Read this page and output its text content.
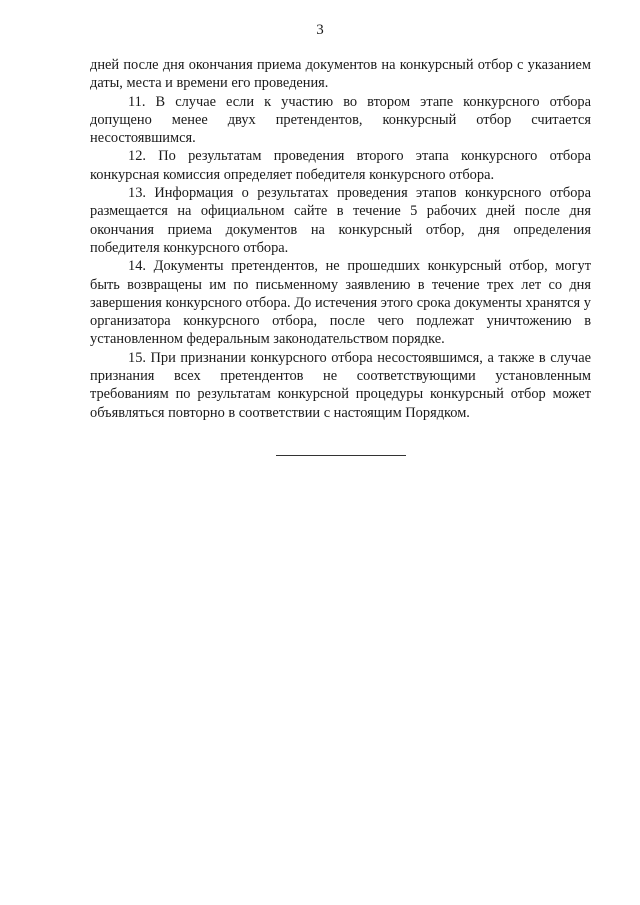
3

дней после дня окончания приема документов на конкурсный отбор с указанием даты, места и времени его проведения.

11. В случае если к участию во втором этапе конкурсного отбора допущено менее двух претендентов, конкурсный отбор считается несостоявшимся.

12. По результатам проведения второго этапа конкурсного отбора конкурсная комиссия определяет победителя конкурсного отбора.

13. Информация о результатах проведения этапов конкурсного отбора размещается на официальном сайте в течение 5 рабочих дней после дня окончания приема документов на конкурсный отбор, дня определения победителя конкурсного отбора.

14. Документы претендентов, не прошедших конкурсный отбор, могут быть возвращены им по письменному заявлению в течение трех лет со дня завершения конкурсного отбора. До истечения этого срока документы хранятся у организатора конкурсного отбора, после чего подлежат уничтожению в установленном федеральным законодательством порядке.

15. При признании конкурсного отбора несостоявшимся, а также в случае признания всех претендентов не соответствующими установленным требованиям по результатам конкурсной процедуры конкурсный отбор может объявляться повторно в соответствии с настоящим Порядком.
